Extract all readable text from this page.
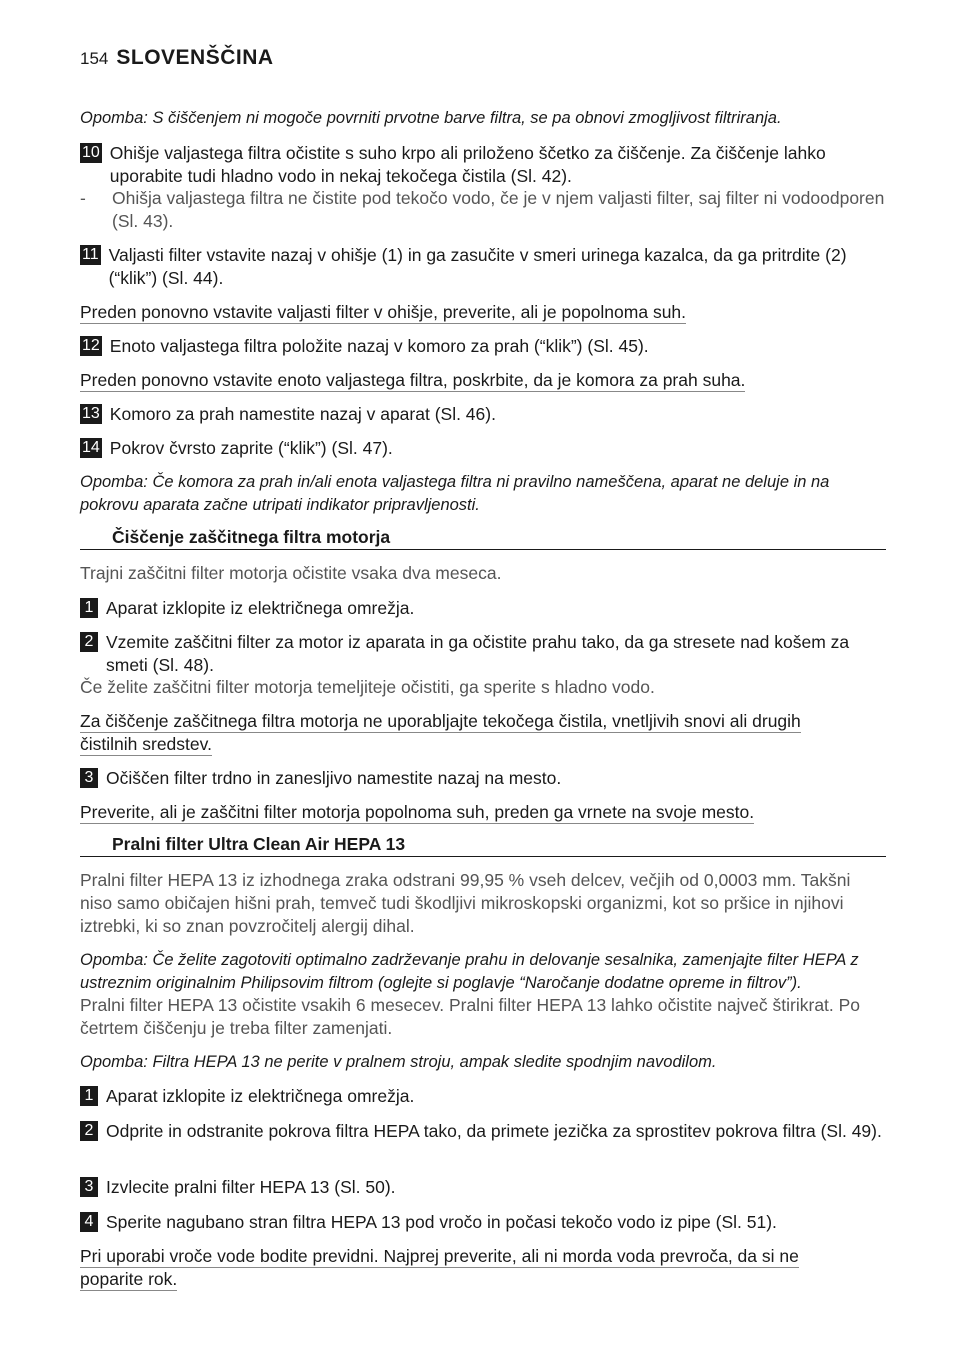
154 SLOVENŠČINA
Opomba: S čiščenjem ni mogoče povrniti prvotne barve filtra, se pa obnovi zmogljivost filtriranja.
10 Ohišje valjastega filtra očistite s suho krpo ali priloženo ščetko za čiščenje. Za čiščenje lahko uporabite tudi hladno vodo in nekaj tekočega čistila (Sl. 42).
-	Ohišja valjastega filtra ne čistite pod tekočo vodo, če je v njem valjasti filter, saj filter ni vodoodporen (Sl. 43).
11 Valjasti filter vstavite nazaj v ohišje (1) in ga zasučite v smeri urinega kazalca, da ga pritrdite (2) (“klik”) (Sl. 44).
Preden ponovno vstavite valjasti filter v ohišje, preverite, ali je popolnoma suh.
12 Enoto valjastega filtra položite nazaj v komoro za prah (“klik”) (Sl. 45).
Preden ponovno vstavite enoto valjastega filtra, poskrbite, da je komora za prah suha.
13 Komoro za prah namestite nazaj v aparat (Sl. 46).
14 Pokrov čvrsto zaprite (“klik”) (Sl. 47).
Opomba: Če komora za prah in/ali enota valjastega filtra ni pravilno nameščena, aparat ne deluje in na pokrovu aparata začne utripati indikator pripravljenosti.
Čiščenje zaščitnega filtra motorja
Trajni zaščitni filter motorja očistite vsaka dva meseca.
1 Aparat izklopite iz električnega omrežja.
2 Vzemite zaščitni filter za motor iz aparata in ga očistite prahu tako, da ga stresete nad košem za smeti (Sl. 48).
Če želite zaščitni filter motorja temeljiteje očistiti, ga sperite s hladno vodo.
Za čiščenje zaščitnega filtra motorja ne uporabljajte tekočega čistila, vnetljivih snovi ali drugih
čistilnih sredstev.
3 Očiščen filter trdno in zanesljivo namestite nazaj na mesto.
Preverite, ali je zaščitni filter motorja popolnoma suh, preden ga vrnete na svoje mesto.
Pralni filter Ultra Clean Air HEPA 13
Pralni filter HEPA 13 iz izhodnega zraka odstrani 99,95 % vseh delcev, večjih od 0,0003 mm. Takšni niso samo običajen hišni prah, temveč tudi škodljivi mikroskopski organizmi, kot so pršice in njihovi iztrebki, ki so znan povzročitelj alergij dihal.
Opomba: Če želite zagotoviti optimalno zadrževanje prahu in delovanje sesalnika, zamenjajte filter HEPA z ustreznim originalnim Philipsovim filtrom (oglejte si poglavje “Naročanje dodatne opreme in filtrov”).
Pralni filter HEPA 13 očistite vsakih 6 mesecev. Pralni filter HEPA 13 lahko očistite največ štirikrat. Po četrtem čiščenju je treba filter zamenjati.
Opomba: Filtra HEPA 13 ne perite v pralnem stroju, ampak sledite spodnjim navodilom.
1 Aparat izklopite iz električnega omrežja.
2 Odprite in odstranite pokrova filtra HEPA tako, da primete jezička za sprostitev pokrova filtra (Sl. 49).
3 Izvlecite pralni filter HEPA 13 (Sl. 50).
4 Sperite nagubano stran filtra HEPA 13 pod vročo in počasi tekočo vodo iz pipe (Sl. 51).
Pri uporabi vroče vode bodite previdni. Najprej preverite, ali ni morda voda prevroča, da si ne
poparite rok.
